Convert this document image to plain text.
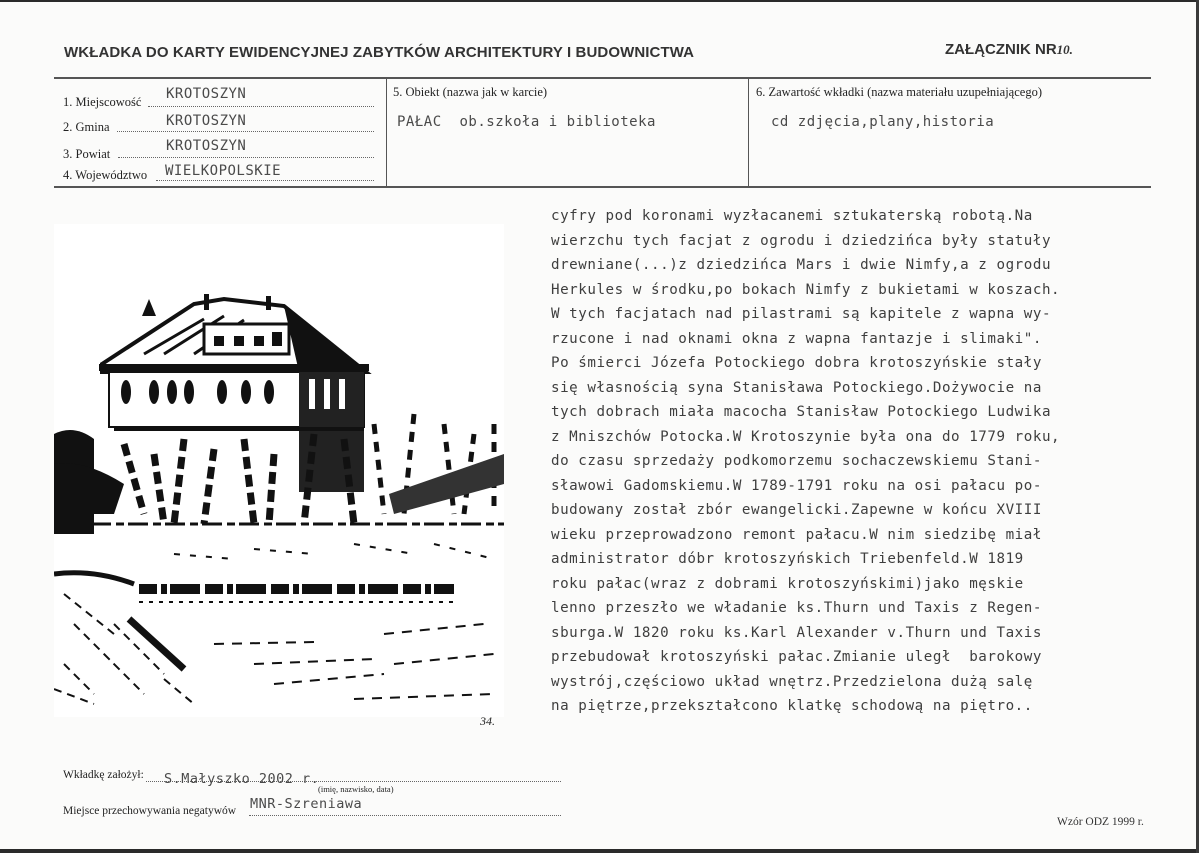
WKŁADKA DO KARTY EWIDENCYJNEJ ZABYTKÓW ARCHITEKTURY I BUDOWNICTWA	ZAŁĄCZNIK NR10.
1. Miejscowość KROTOSZYN
2. Gmina	KROTOSZYN
3. Powiat	KROTOSZYN
4. Województwo WIELKOPOLSKIE
5. Obiekt (nazwa jak w karcie)
PAŁAC  ob.szkoła i biblioteka
6. Zawartość wkładki (nazwa materiału uzupełniającego)
cd zdjęcia,plany,historia
34.
cyfry pod koronami wyzłacanemi sztukaterską robotą.Na
wierzchu tych facjat z ogrodu i dziedzińca były statuły
drewniane(...)z dziedzińca Mars i dwie Nimfy,a z ogrodu
Herkules w środku,po bokach Nimfy z bukietami w koszach.
W tych facjatach nad pilastrami są kapitele z wapna wy-
rzucone i nad oknami okna z wapna fantazje i slimaki".
Po śmierci Józefa Potockiego dobra krotoszyńskie stały
się własnością syna Stanisława Potockiego.Dożywocie na
tych dobrach miała macocha Stanisław Potockiego Ludwika
z Mniszchów Potocka.W Krotoszynie była ona do 1779 roku,
do czasu sprzedaży podkomorzemu sochaczewskiemu Stani-
sławowi Gadomskiemu.W 1789-1791 roku na osi pałacu po-
budowany został zbór ewangelicki.Zapewne w końcu XVIII
wieku przeprowadzono remont pałacu.W nim siedzibę miał
administrator dóbr krotoszyńskich Triebenfeld.W 1819
roku pałac(wraz z dobrami krotoszyńskimi)jako męskie
lenno przeszło we władanie ks.Thurn und Taxis z Regen-
sburga.W 1820 roku ks.Karl Alexander v.Thurn und Taxis
przebudował krotoszyński pałac.Zmianie uległ  barokowy
wystrój,częściowo układ wnętrz.Przedzielona dużą salę
na piętrze,przekształcono klatkę schodową na piętro..
Wkładkę założył: S.Małyszko 2002 r.
(imię, nazwisko, data)
Miejsce przechowywania negatywów MNR-Szreniawa
Wzór ODZ 1999 r.
